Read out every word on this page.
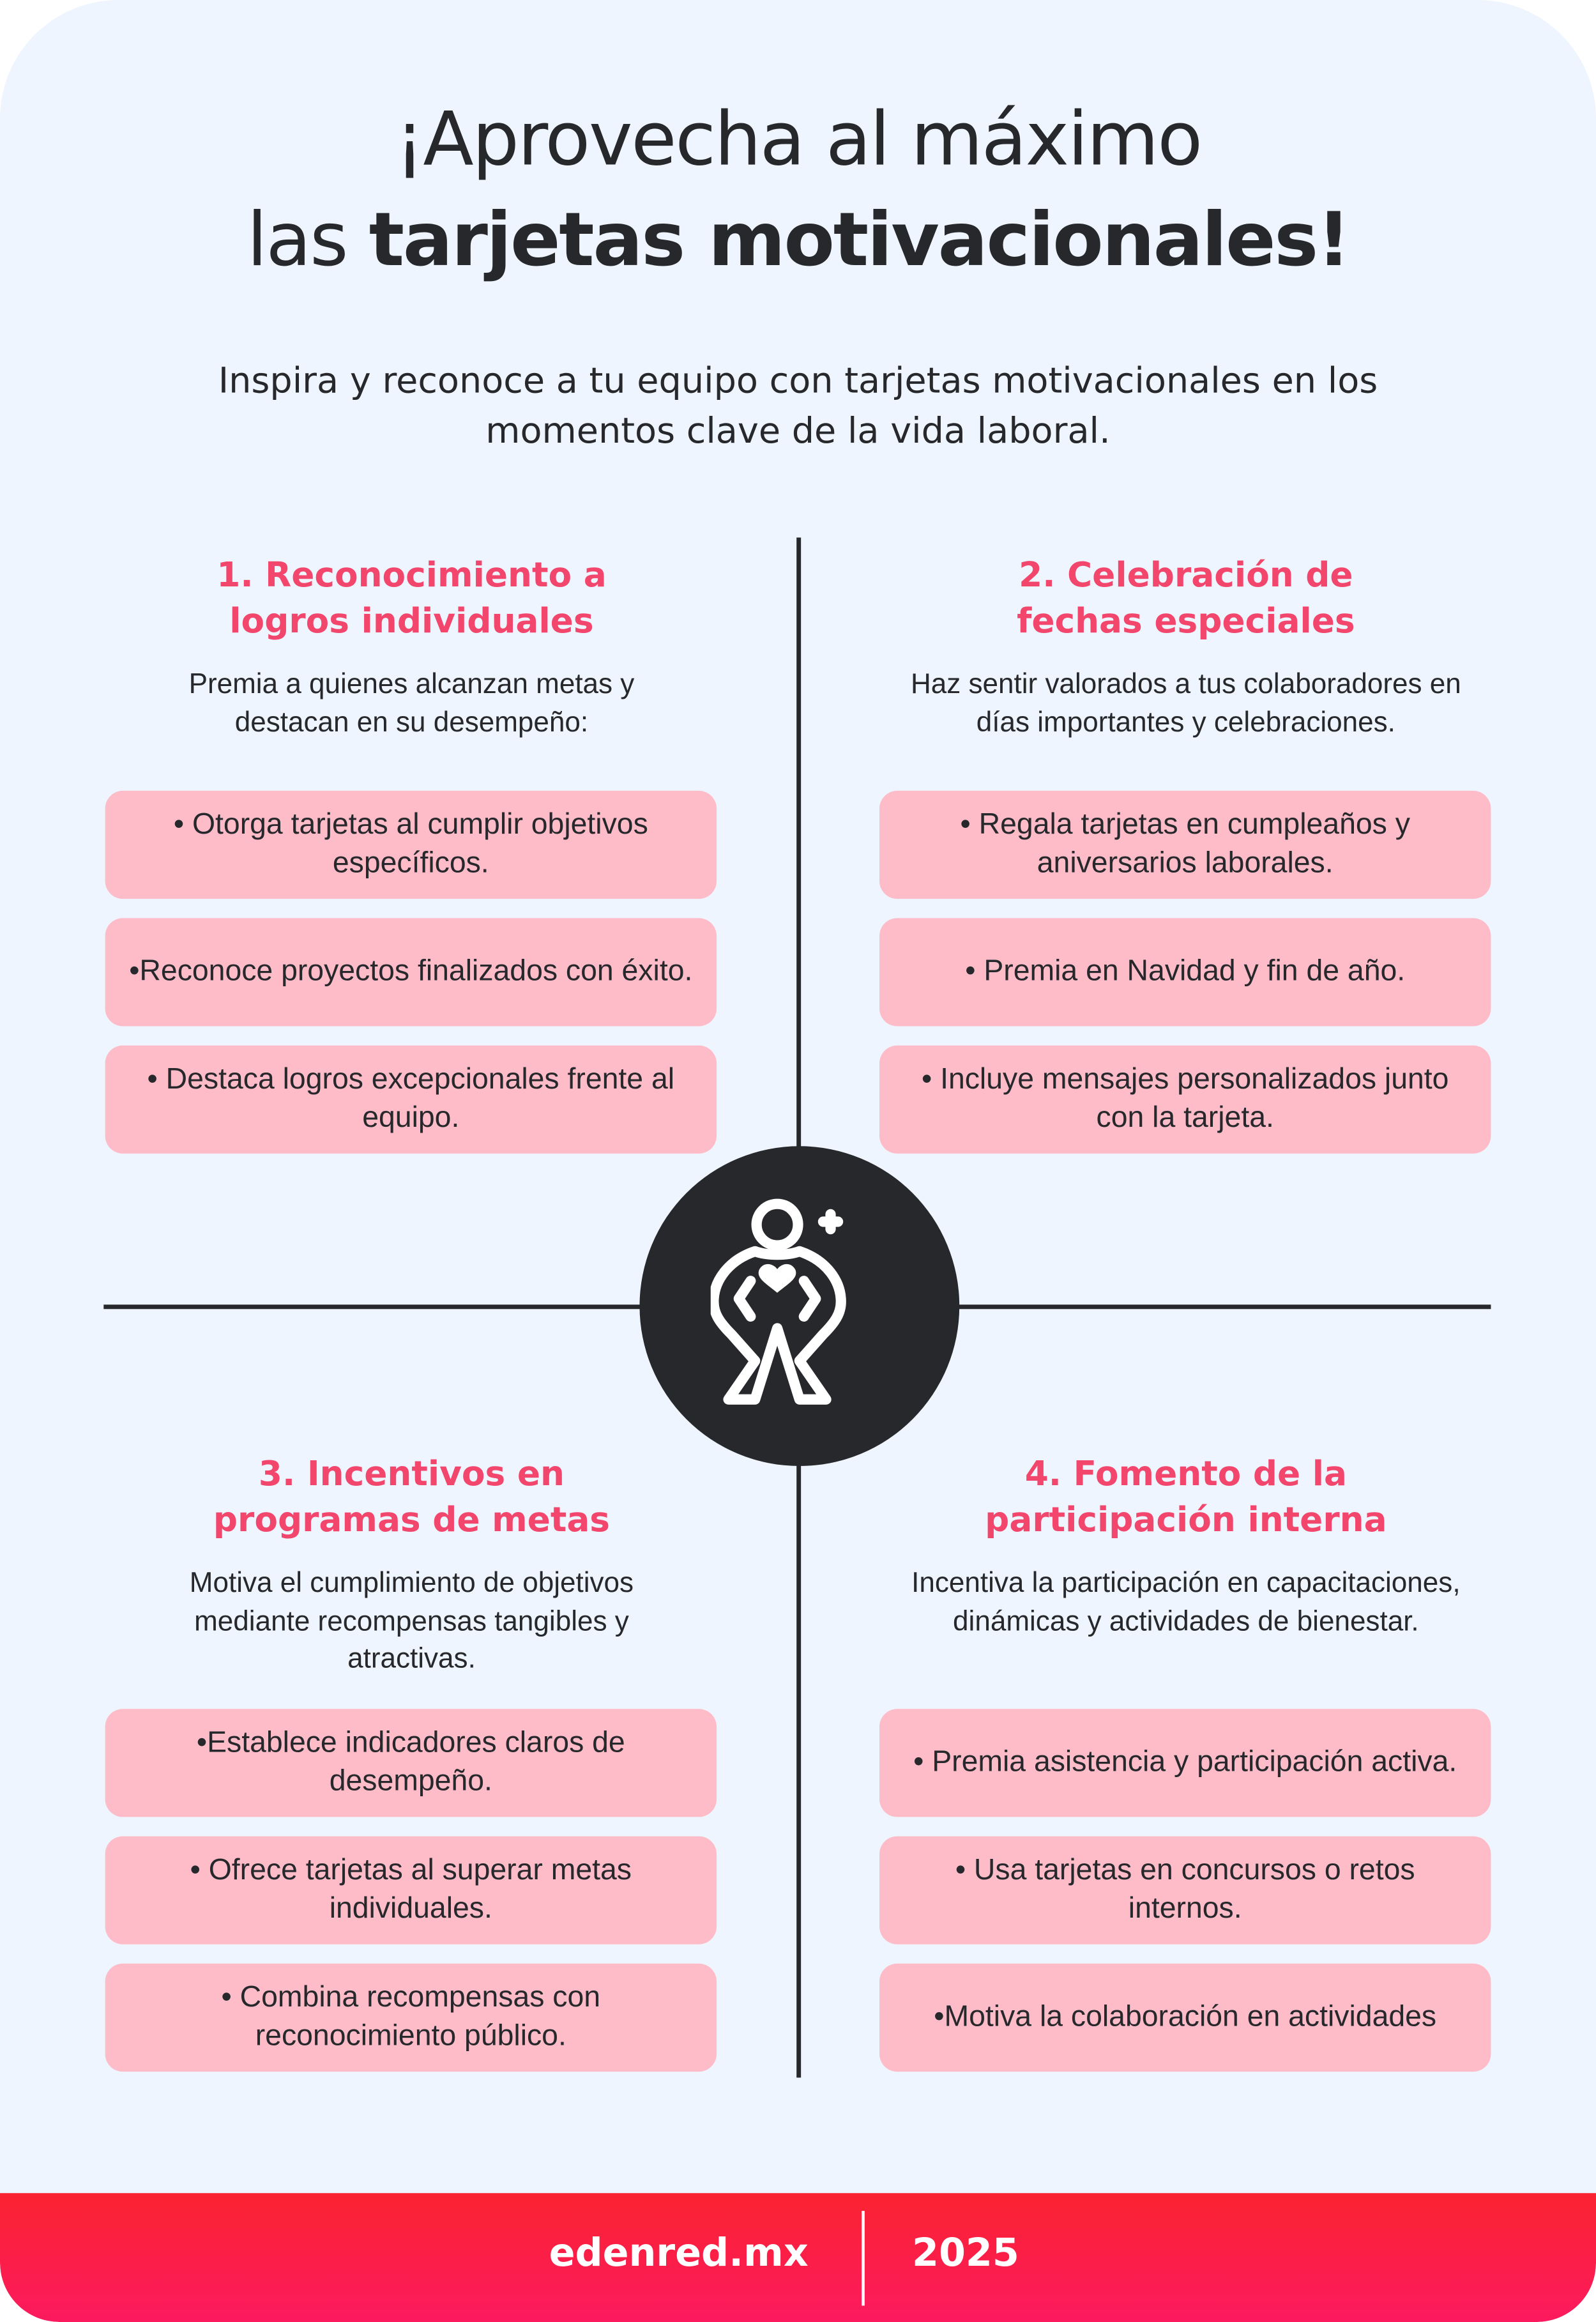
¡Aprovecha al máximo
las tarjetas motivacionales!
Inspira y reconoce a tu equipo con tarjetas motivacionales en los momentos clave de la vida laboral.
1. Reconocimiento a logros individuales

Premia a quienes alcanzan metas y destacan en su desempeño:

• Otorga tarjetas al cumplir objetivos específicos.
•Reconoce proyectos finalizados con éxito.
• Destaca logros excepcionales frente al equipo.
2. Celebración de fechas especiales

Haz sentir valorados a tus colaboradores en días importantes y celebraciones.

• Regala tarjetas en cumpleaños y aniversarios laborales.
• Premia en Navidad y fin de año.
• Incluye mensajes personalizados junto con la tarjeta.
3. Incentivos en programas de metas

Motiva el cumplimiento de objetivos mediante recompensas tangibles y atractivas.

•Establece indicadores claros de desempeño.
• Ofrece tarjetas al superar metas individuales.
• Combina recompensas con reconocimiento público.
4. Fomento de la participación interna

Incentiva la participación en capacitaciones, dinámicas y actividades de bienestar.

• Premia asistencia y participación activa.
• Usa tarjetas en concursos o retos internos.
•Motiva la colaboración en actividades
edenred.mx	2025
